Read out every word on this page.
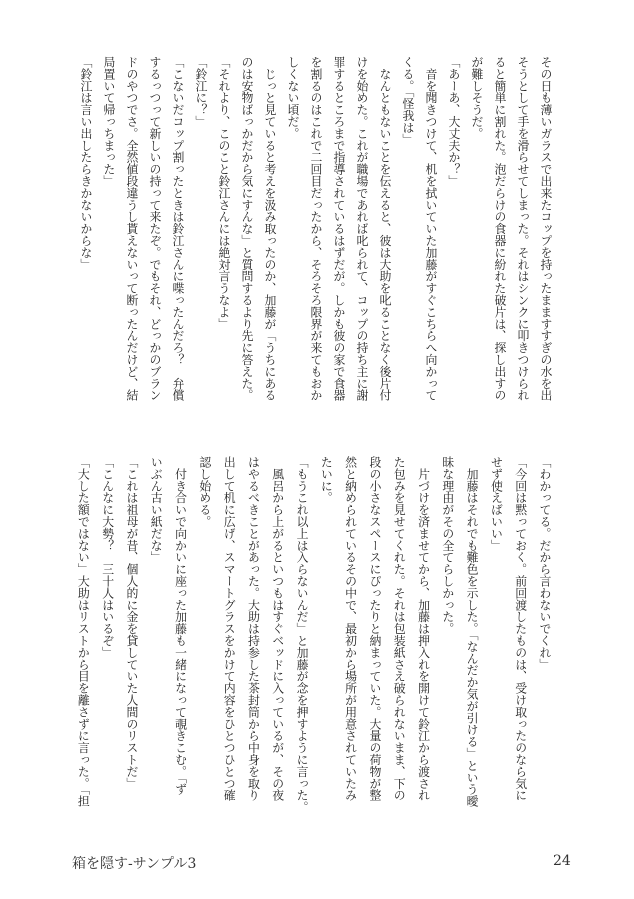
その日も薄いガラスで出来たコップを持ったまますすぎの水を出
そうとして手を滑らせてしまった。それはシンクに叩きつけられ
ると簡単に割れた。泡だらけの食器に紛れた破片は、探し出すの
が難しそうだ。
「あーあ、大丈夫か？」
　音を聞きつけて、机を拭いていた加藤がすぐこちらへ向かって
くる。「怪我は」
　なんともないことを伝えると、彼は大助を叱ることなく後片付
けを始めた。これが職場であれば叱られて、コップの持ち主に謝
罪するところまで指導されているはずだが。しかも彼の家で食器
を割るのはこれで二回目だったから、そろそろ限界が来てもおか
しくない頃だ。
　じっと見ていると考えを汲み取ったのか、加藤が「うちにある
のは安物ばっかだから気にすんな」と質問するより先に答えた。
「それより、このこと鈴江さんには絶対言うなよ」
「鈴江に？」
「こないだコップ割ったときは鈴江さんに喋ったんだろ？　弁償
するっつって新しいの持って来たぞ。でもそれ、どっかのブラン
ドのやつでさ。全然値段違うし貰えないって断ったんだけど、結
局置いて帰っちまった」
「鈴江は言い出したらきかないからな」
「わかってる。だから言わないでくれ」
「今回は黙っておく。前回渡したものは、受け取ったのなら気に
せず使えばいい」
　加藤はそれでも難色を示した。「なんだか気が引ける」という曖
昧な理由がその全てらしかった。
　片づけを済ませてから、加藤は押入れを開けて鈴江から渡され
た包みを見せてくれた。それは包装紙さえ破られないまま、下の
段の小さなスペースにぴったりと納まっていた。大量の荷物が整
然と納められているその中で、最初から場所が用意されていたみ
たいに。
「もうこれ以上は入らないんだ」と加藤が念を押すように言った。
　風呂から上がるといつもはすぐベッドに入っているが、その夜
はやるべきことがあった。大助は持参した茶封筒から中身を取り
出して机に広げ、スマートグラスをかけて内容をひとつひとつ確
認し始める。
　付き合いで向かいに座った加藤も一緒になって覗きこむ。「ず
いぶん古い紙だな」
「これは祖母が昔、個人的に金を貸していた人間のリストだ」
「こんなに大勢？　三十人はいるぞ」
「大した額ではない」大助はリストから目を離さずに言った。「担
箱を隠す-サンプル3	24
